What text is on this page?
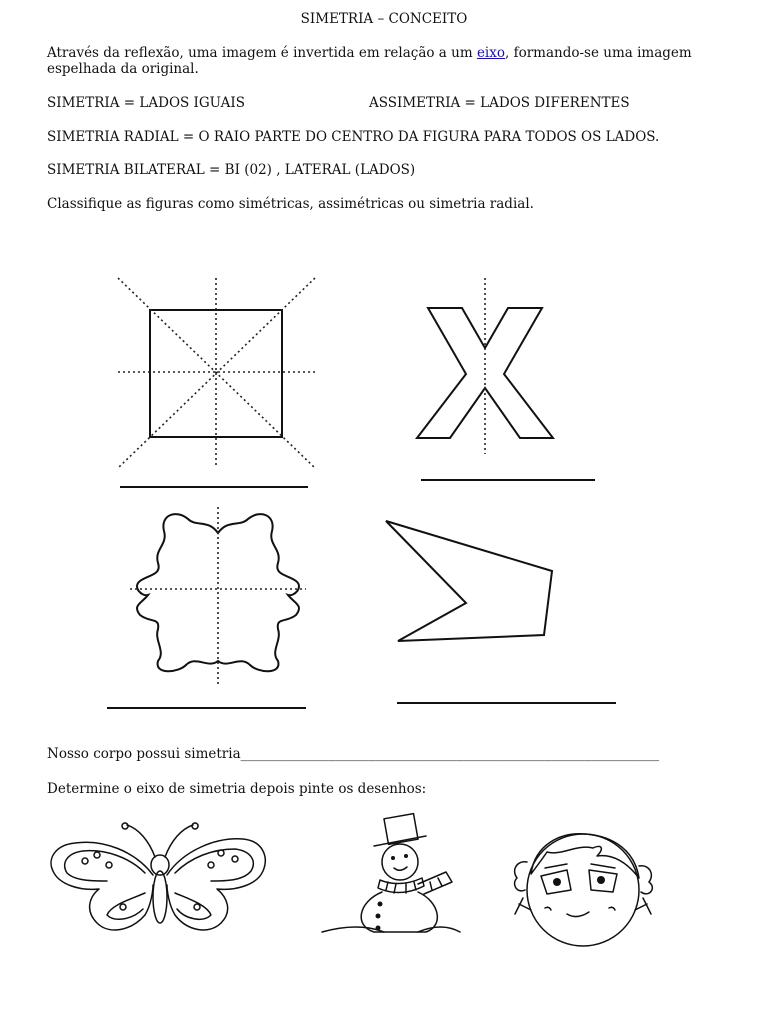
SIMETRIA – CONCEITO
Através da reflexão, uma imagem é invertida em relação a um eixo, formando-se uma imagem espelhada da original.
SIMETRIA = LADOS IGUAIS	ASSIMETRIA = LADOS DIFERENTES
SIMETRIA RADIAL = O RAIO PARTE DO CENTRO DA FIGURA PARA TODOS OS LADOS.
SIMETRIA BILATERAL = BI (02) , LATERAL (LADOS)
Classifique as figuras como simétricas, assimétricas ou simetria radial.
Nosso corpo possui simetria______________________________________________________________
Determine o eixo de simetria depois pinte os desenhos:
